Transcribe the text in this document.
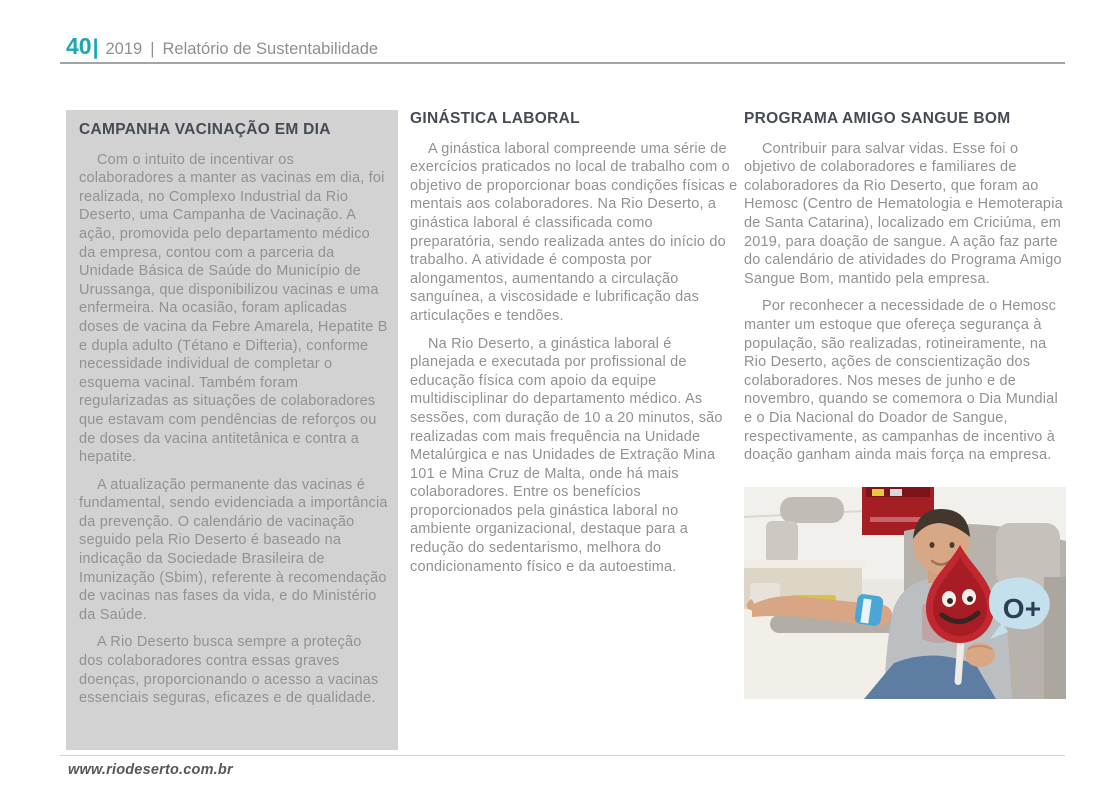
40 | 2019 | Relatório de Sustentabilidade
CAMPANHA VACINAÇÃO EM DIA

Com o intuito de incentivar os colaboradores a manter as vacinas em dia, foi realizada, no Complexo Industrial da Rio Deserto, uma Campanha de Vacinação. A ação, promovida pelo departamento médico da empresa, contou com a parceria da Unidade Básica de Saúde do Município de Urussanga, que disponibilizou vacinas e uma enfermeira. Na ocasião, foram aplicadas doses de vacina da Febre Amarela, Hepatite B e dupla adulto (Tétano e Difteria), conforme necessidade individual de completar o esquema vacinal. Também foram regularizadas as situações de colaboradores que estavam com pendências de reforços ou de doses da vacina antitetânica e contra a hepatite.

A atualização permanente das vacinas é fundamental, sendo evidenciada a importância da prevenção. O calendário de vacinação seguido pela Rio Deserto é baseado na indicação da Sociedade Brasileira de Imunização (Sbim), referente à recomendação de vacinas nas fases da vida, e do Ministério da Saúde.

A Rio Deserto busca sempre a proteção dos colaboradores contra essas graves doenças, proporcionando o acesso a vacinas essenciais seguras, eficazes e de qualidade.

GINÁSTICA LABORAL

A ginástica laboral compreende uma série de exercícios praticados no local de trabalho com o objetivo de proporcionar boas condições físicas e mentais aos colaboradores. Na Rio Deserto, a ginástica laboral é classificada como preparatória, sendo realizada antes do início do trabalho. A atividade é composta por alongamentos, aumentando a circulação sanguínea, a viscosidade e lubrificação das articulações e tendões.

Na Rio Deserto, a ginástica laboral é planejada e executada por profissional de educação física com apoio da equipe multidisciplinar do departamento médico. As sessões, com duração de 10 a 20 minutos, são realizadas com mais frequência na Unidade Metalúrgica e nas Unidades de Extração Mina 101 e Mina Cruz de Malta, onde há mais colaboradores. Entre os benefícios proporcionados pela ginástica laboral no ambiente organizacional, destaque para a redução do sedentarismo, melhora do condicionamento físico e da autoestima.

PROGRAMA AMIGO SANGUE BOM

Contribuir para salvar vidas. Esse foi o objetivo de colaboradores e familiares de colaboradores da Rio Deserto, que foram ao Hemosc (Centro de Hematologia e Hemoterapia de Santa Catarina), localizado em Criciúma, em 2019, para doação de sangue. A ação faz parte do calendário de atividades do Programa Amigo Sangue Bom, mantido pela empresa.

Por reconhecer a necessidade de o Hemosc manter um estoque que ofereça segurança à população, são realizadas, rotineiramente, na Rio Deserto, ações de conscientização dos colaboradores. Nos meses de junho e de novembro, quando se comemora o Dia Mundial e o Dia Nacional do Doador de Sangue, respectivamente, as campanhas de incentivo à doação ganham ainda mais força na empresa.

O+
www.riodeserto.com.br
